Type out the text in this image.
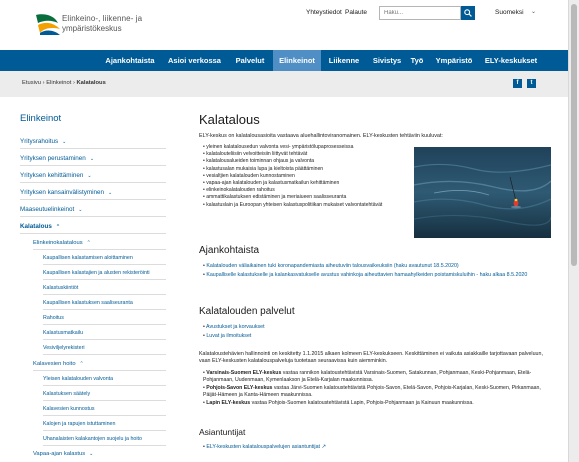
Elinkeino-, liikenne- ja
ympäristökeskus
Yhteystiedot Palaute
Haku...	Suomeksi ⌄
Ajankohtaista	Asioi verkossa	Palvelut	Elinkeinot	Liikenne	Sivistys	Työ	Ympäristö	ELY-keskukset
Etusivu › Elinkeinot › Kalatalous	f	t
Elinkeinot
Yritysrahoitus ⌄
Yrityksen perustaminen ⌄
Yrityksen kehittäminen ⌄
Yrityksen kansainvälistyminen ⌄
Maaseutuelinkeinot ⌄
Kalatalous ⌃
Elinkeinokalatalous ⌃
Kaupallisen kalastamisen aloittaminen
Kaupallisen kalastajien ja alusten rekisteröinti
Kalastuskiintiöt
Kaupallisen kalastuksen saaliseuranta
Rahoitus
Kalastusmatkailu
Vesiviljelyrekisteri
Kalavesien hoito ⌃
Yleisen kalatalouden valvonta
Kalastuksen säätely
Kalavesien kunnostus
Kalojen ja rapujen istuttaminen
Uhanalaisten kalakantojen suojelu ja hoito
Vapaa-ajan kalastus ⌄
Kalatalous
ELY-keskus on kalatalousasioita vastaava aluehallintoviranomainen. ELY-keskusten tehtäviin kuuluvat:
• yleinen kalatalousedun valvonta vesi- ympäristölupaprosesseissa
• kalatalouteliisiin velvoitteisiin liittyvät tehtävät
• kalatalousalueiden toiminnan ohjaus ja valvonta
• kalastusalan mukaisia lupa ja kieltoista päättäminen
• vesialtjien kalatalouden kunnostaminen
• vapaa-ajan kalatalouden ja kalastusmatkailun kehittäminen
• elinkeinokalatalouden rahoitus
• ammattikalastuksen edistäminen ja meriaiueen saalisseuranta
• kalastuslain ja Euroopan yhteisen kalastuspolitiikan mukaiset valvontatehtävät
Ajankohtaista
• Kalatalouden väliaikainen tuki koronapandemiasta aiheutuviin talousvaikeuksiin (haku avautunut 18.5.2020)
• Kaupalliselle kalastukselle ja kalankasvatukselle avustus vahinkoja aiheuttavien hamaahylkeiden poistamiskuluihin - haku alkaa 8.5.2020
Kalatalouden palvelut
• Avustukset ja korvaukset
• Luvat ja ilmoitukset
Kalataloustehävien hallinnointi on keskitetty 1.1.2015 alkaen kolmeen ELY-keskukseen. Keskittäminen ei vaikuta asiakkaille tarjottavaan palveluun, vaan ELY-keskusten kalatalouspalveluja tuotetaan seuraavissa kuin aiemminkin.
• Varsinais-Suomen ELY-keskus vastaa rannikon kalatoustehtävistä Varsinais-Suomen, Satakunnan, Pohjanmaan, Keski-Pohjanmaan, Etelä-Pohjanmaan, Uudenmaan, Kymenlaakson ja Etelä-Karjalan maakunnissa.
• Pohjois-Savon ELY-keskus vastaa Järvi-Suomen kalatoustehtävistä Pohjois-Savon, Etelä-Savon, Pohjois-Karjalan, Keski-Suomen, Pirkanmaan, Päijät-Hämeen ja Kanta-Hämeen maakunnissa.
• Lapin ELY-keskus vastaa Pohjois-Suomen kalatoustehtävistä Lapin, Pohjois-Pohjanmaan ja Kainuun maakunnissa.
Asiantuntijat
• ELY-keskusten kalatalouspalvelujen asiantuntijat ↗
